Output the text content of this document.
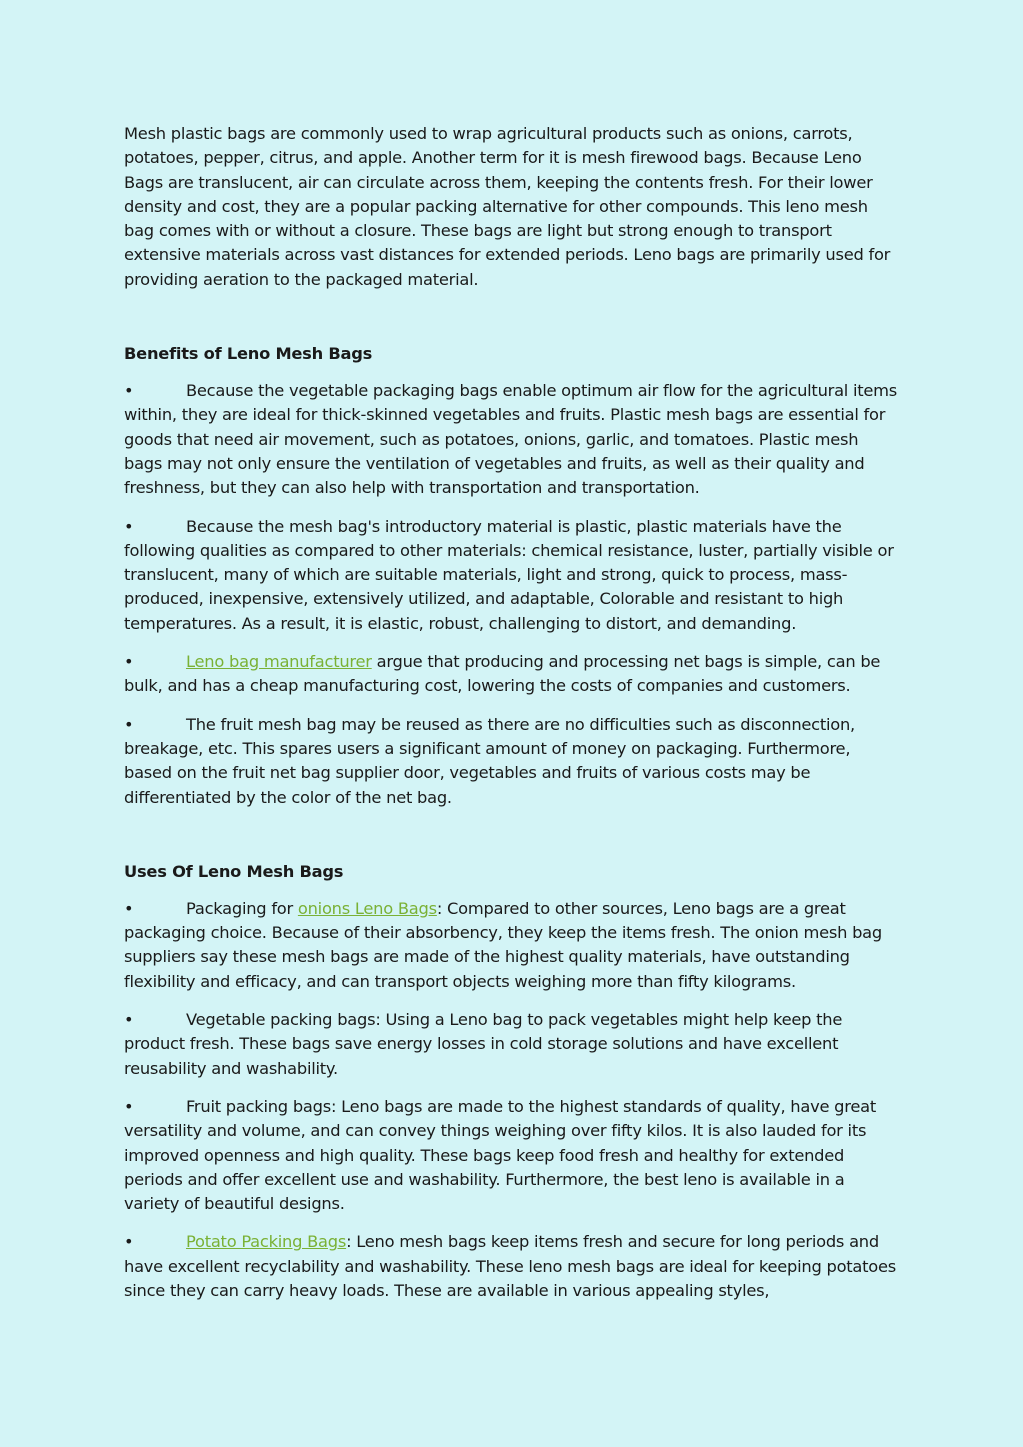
Mesh plastic bags are commonly used to wrap agricultural products such as onions, carrots, potatoes, pepper, citrus, and apple. Another term for it is mesh firewood bags. Because Leno Bags are translucent, air can circulate across them, keeping the contents fresh. For their lower density and cost, they are a popular packing alternative for other compounds. This leno mesh bag comes with or without a closure. These bags are light but strong enough to transport extensive materials across vast distances for extended periods. Leno bags are primarily used for providing aeration to the packaged material.

Benefits of Leno Mesh Bags

•	Because the vegetable packaging bags enable optimum air flow for the agricultural items within, they are ideal for thick-skinned vegetables and fruits. Plastic mesh bags are essential for goods that need air movement, such as potatoes, onions, garlic, and tomatoes. Plastic mesh bags may not only ensure the ventilation of vegetables and fruits, as well as their quality and freshness, but they can also help with transportation and transportation.

•	Because the mesh bag's introductory material is plastic, plastic materials have the following qualities as compared to other materials: chemical resistance, luster, partially visible or translucent, many of which are suitable materials, light and strong, quick to process, mass-produced, inexpensive, extensively utilized, and adaptable, Colorable and resistant to high temperatures. As a result, it is elastic, robust, challenging to distort, and demanding.

•	Leno bag manufacturer argue that producing and processing net bags is simple, can be bulk, and has a cheap manufacturing cost, lowering the costs of companies and customers.

•	The fruit mesh bag may be reused as there are no difficulties such as disconnection, breakage, etc. This spares users a significant amount of money on packaging. Furthermore, based on the fruit net bag supplier door, vegetables and fruits of various costs may be differentiated by the color of the net bag.

Uses Of Leno Mesh Bags

•	Packaging for onions Leno Bags: Compared to other sources, Leno bags are a great packaging choice. Because of their absorbency, they keep the items fresh. The onion mesh bag suppliers say these mesh bags are made of the highest quality materials, have outstanding flexibility and efficacy, and can transport objects weighing more than fifty kilograms.

•	Vegetable packing bags: Using a Leno bag to pack vegetables might help keep the product fresh. These bags save energy losses in cold storage solutions and have excellent reusability and washability.

•	Fruit packing bags: Leno bags are made to the highest standards of quality, have great versatility and volume, and can convey things weighing over fifty kilos. It is also lauded for its improved openness and high quality. These bags keep food fresh and healthy for extended periods and offer excellent use and washability. Furthermore, the best leno is available in a variety of beautiful designs.

•	Potato Packing Bags: Leno mesh bags keep items fresh and secure for long periods and have excellent recyclability and washability. These leno mesh bags are ideal for keeping potatoes since they can carry heavy loads. These are available in various appealing styles,
